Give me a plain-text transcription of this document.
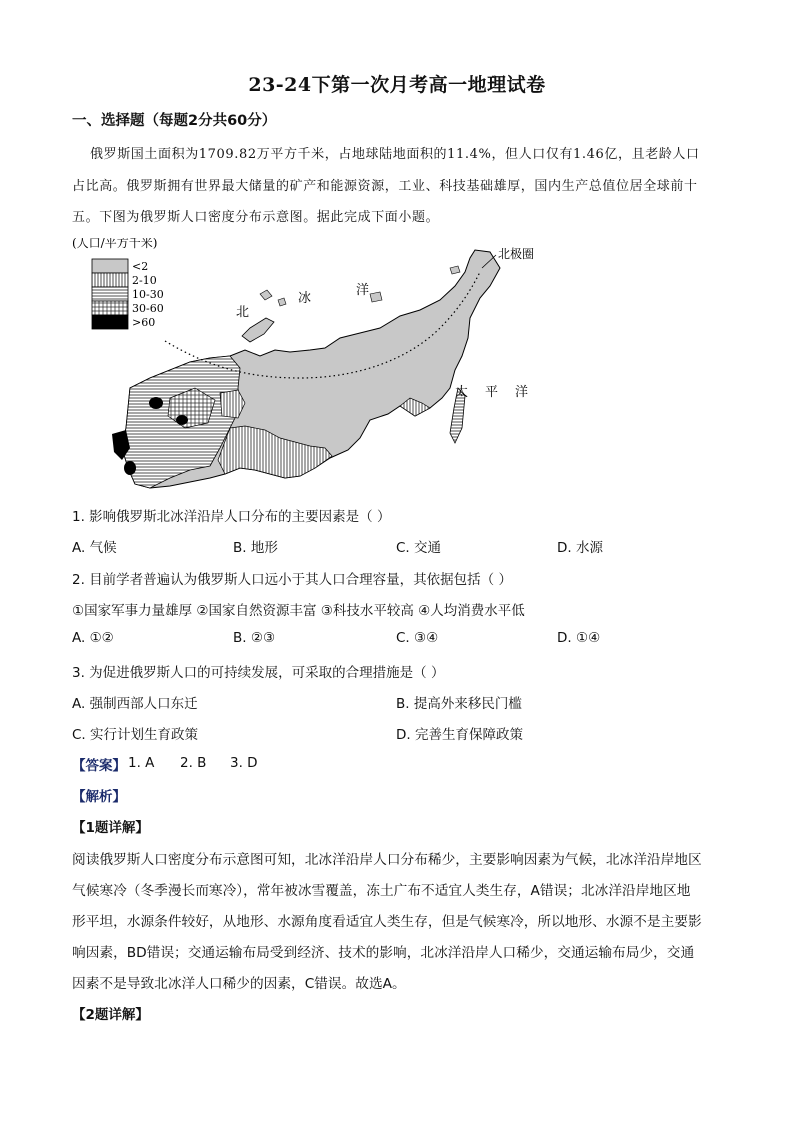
23-24下第一次月考高一地理试卷
一、选择题（每题2分共60分）
俄罗斯国土面积为1709.82万平方千米，占地球陆地面积的11.4%，但人口仅有1.46亿，且老龄人口
占比高。俄罗斯拥有世界最大储量的矿产和能源资源，工业、科技基础雄厚，国内生产总值位居全球前十
五。下图为俄罗斯人口密度分布示意图。据此完成下面小题。
(人口/平方千米)
<2
2-10
10-30
30-60
>60
北极圈
北
冰
洋
太 平 洋
1. 影响俄罗斯北冰洋沿岸人口分布的主要因素是（ ）
A. 气候	B. 地形	C. 交通	D. 水源
2. 目前学者普遍认为俄罗斯人口远小于其人口合理容量，其依据包括（ ）
①国家军事力量雄厚 ②国家自然资源丰富 ③科技水平较高 ④人均消费水平低
A. ①②	B. ②③	C. ③④	D. ①④
3. 为促进俄罗斯人口的可持续发展，可采取的合理措施是（ ）
A. 强制西部人口东迁	B. 提高外来移民门槛
C. 实行计划生育政策	D. 完善生育保障政策
【答案】 1. A 2. B 3. D
【解析】
【1题详解】
阅读俄罗斯人口密度分布示意图可知，北冰洋沿岸人口分布稀少，主要影响因素为气候，北冰洋沿岸地区
气候寒冷（冬季漫长而寒冷），常年被冰雪覆盖，冻土广布不适宜人类生存，A错误；北冰洋沿岸地区地
形平坦，水源条件较好，从地形、水源角度看适宜人类生存，但是气候寒冷，所以地形、水源不是主要影
响因素，BD错误；交通运输布局受到经济、技术的影响，北冰洋沿岸人口稀少，交通运输布局少，交通
因素不是导致北冰洋人口稀少的因素，C错误。故选A。
【2题详解】
